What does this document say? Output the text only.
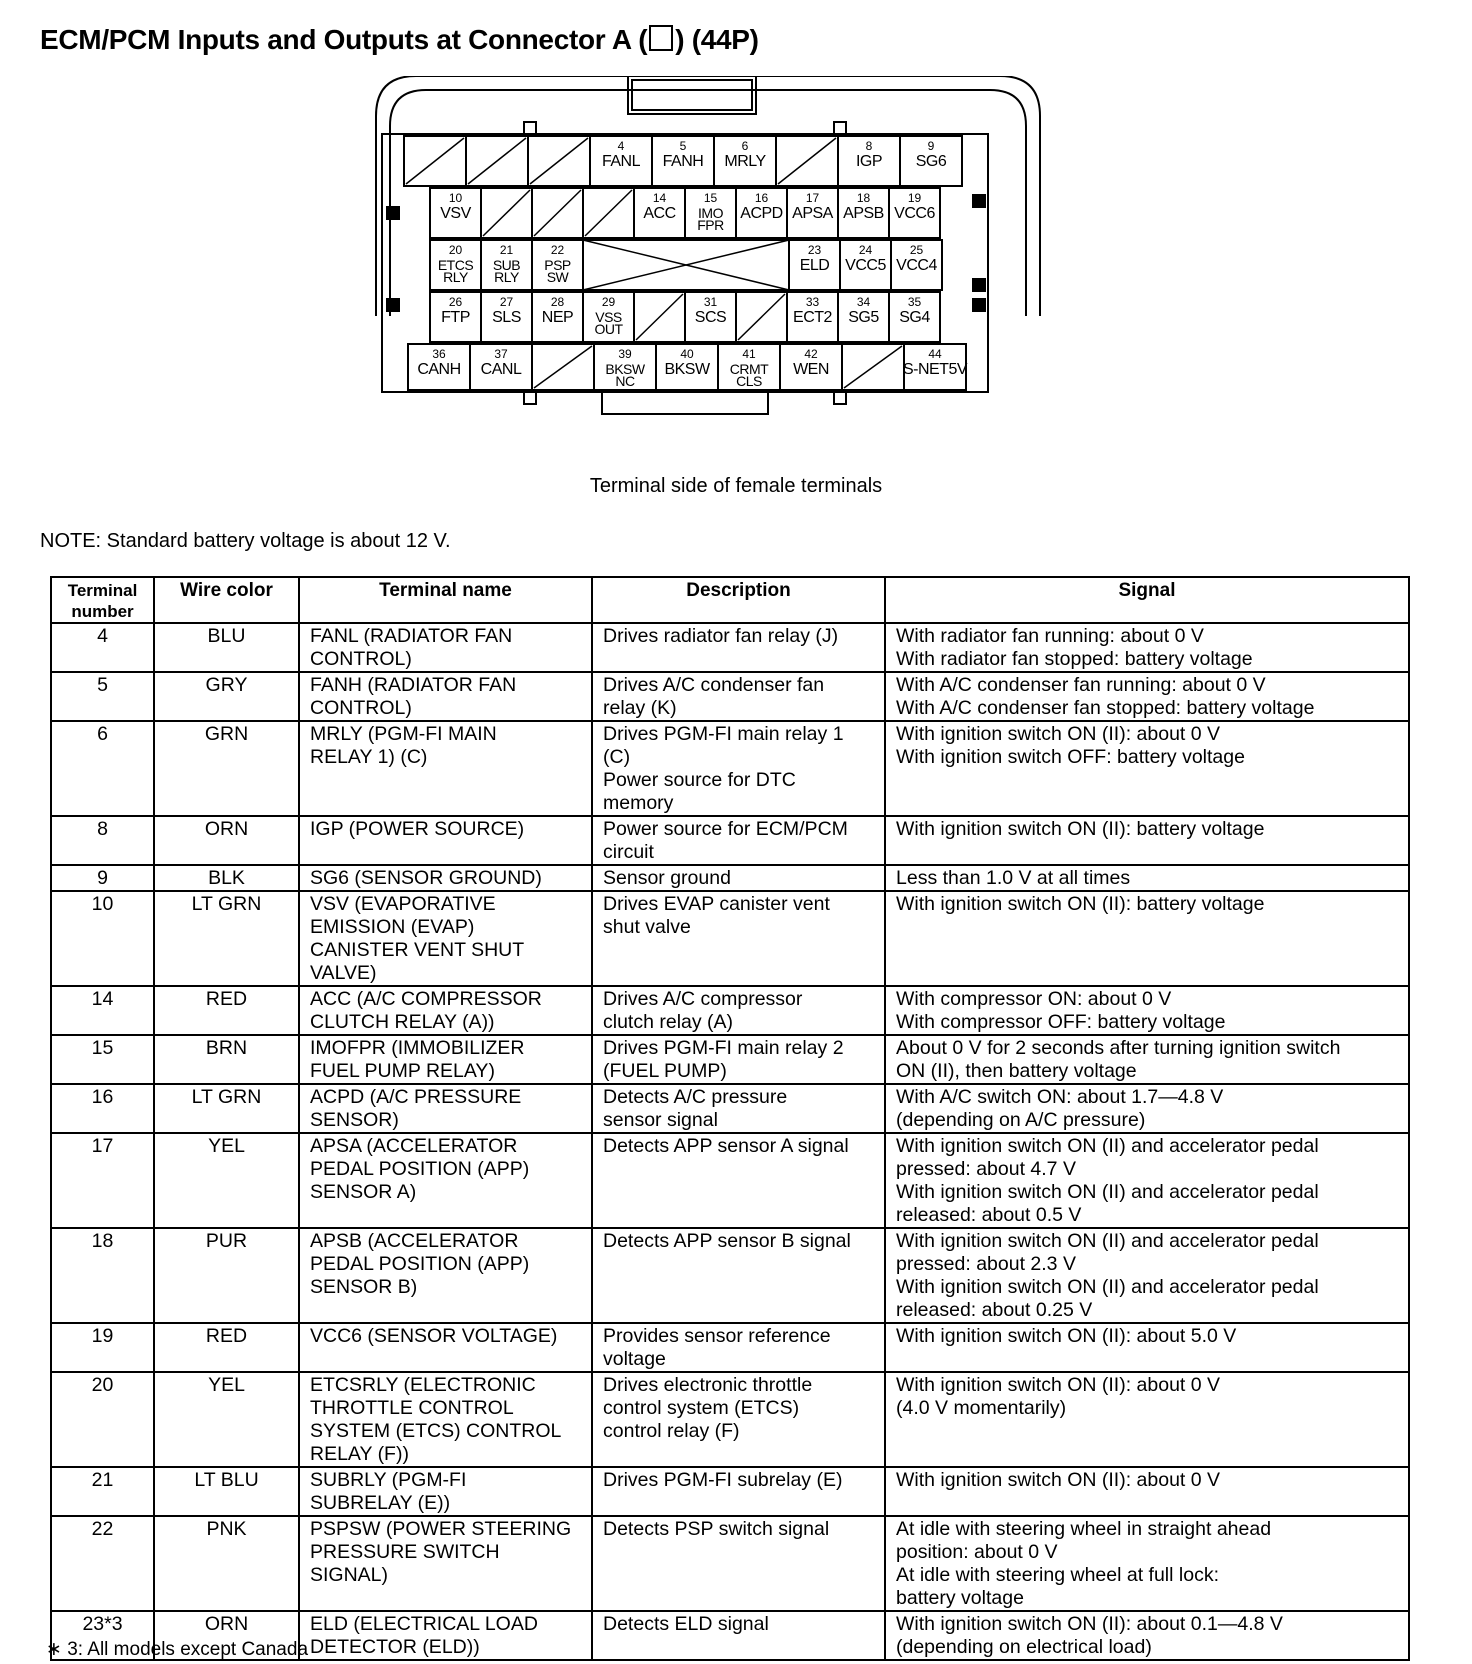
ECM/PCM Inputs and Outputs at Connector A ( ) (44P)
4
FANL
5
FANH
6
MRLY
8
IGP
9
SG6
10
VSV
14
ACC
15
IMO
FPR
16
ACPD
17
APSA
18
APSB
19
VCC6
20
ETCS
RLY
21
SUB
RLY
22
PSP
SW
23
ELD
24
VCC5
25
VCC4
26
FTP
27
SLS
28
NEP
29
VSS
OUT
31
SCS
33
ECT2
34
SG5
35
SG4
36
CANH
37
CANL
39
BKSW
NC
40
BKSW
41
CRMT
CLS
42
WEN
44
S-NET5V
Terminal side of female terminals
NOTE: Standard battery voltage is about 12 V.
Terminal number	Wire color	Terminal name	Description	Signal
4	BLU	FANL (RADIATOR FAN
CONTROL)	Drives radiator fan relay (J)	With radiator fan running: about 0 V
With radiator fan stopped: battery voltage

5	GRY	FANH (RADIATOR FAN
CONTROL)	Drives A/C condenser fan
relay (K)	With A/C condenser fan running: about 0 V
With A/C condenser fan stopped: battery voltage

6	GRN	MRLY (PGM-FI MAIN
RELAY 1) (C)	Drives PGM-FI main relay 1
(C)
Power source for DTC
memory	With ignition switch ON (II): about 0 V
With ignition switch OFF: battery voltage

8	ORN	IGP (POWER SOURCE)	Power source for ECM/PCM
circuit	With ignition switch ON (II): battery voltage

9	BLK	SG6 (SENSOR GROUND)	Sensor ground	Less than 1.0 V at all times

10	LT GRN	VSV (EVAPORATIVE
EMISSION (EVAP)
CANISTER VENT SHUT
VALVE)	Drives EVAP canister vent
shut valve	With ignition switch ON (II): battery voltage

14	RED	ACC (A/C COMPRESSOR
CLUTCH RELAY (A))	Drives A/C compressor
clutch relay (A)	With compressor ON: about 0 V
With compressor OFF: battery voltage

15	BRN	IMOFPR (IMMOBILIZER
FUEL PUMP RELAY)	Drives PGM-FI main relay 2
(FUEL PUMP)	About 0 V for 2 seconds after turning ignition switch
ON (II), then battery voltage

16	LT GRN	ACPD (A/C PRESSURE
SENSOR)	Detects A/C pressure
sensor signal	With A/C switch ON: about 1.7—4.8 V
(depending on A/C pressure)

17	YEL	APSA (ACCELERATOR
PEDAL POSITION (APP)
SENSOR A)	Detects APP sensor A signal	With ignition switch ON (II) and accelerator pedal
pressed: about 4.7 V
With ignition switch ON (II) and accelerator pedal
released: about 0.5 V

18	PUR	APSB (ACCELERATOR
PEDAL POSITION (APP)
SENSOR B)	Detects APP sensor B signal	With ignition switch ON (II) and accelerator pedal
pressed: about 2.3 V
With ignition switch ON (II) and accelerator pedal
released: about 0.25 V

19	RED	VCC6 (SENSOR VOLTAGE)	Provides sensor reference
voltage	With ignition switch ON (II): about 5.0 V

20	YEL	ETCSRLY (ELECTRONIC
THROTTLE CONTROL
SYSTEM (ETCS) CONTROL
RELAY (F))	Drives electronic throttle
control system (ETCS)
control relay (F)	With ignition switch ON (II): about 0 V
(4.0 V momentarily)

21	LT BLU	SUBRLY (PGM-FI
SUBRELAY (E))	Drives PGM-FI subrelay (E)	With ignition switch ON (II): about 0 V

22	PNK	PSPSW (POWER STEERING
PRESSURE SWITCH
SIGNAL)	Detects PSP switch signal	At idle with steering wheel in straight ahead
position: about 0 V
At idle with steering wheel at full lock:
battery voltage

23*3	ORN	ELD (ELECTRICAL LOAD
DETECTOR (ELD))	Detects ELD signal	With ignition switch ON (II): about 0.1—4.8 V
(depending on electrical load)
∗ 3: All models except Canada
